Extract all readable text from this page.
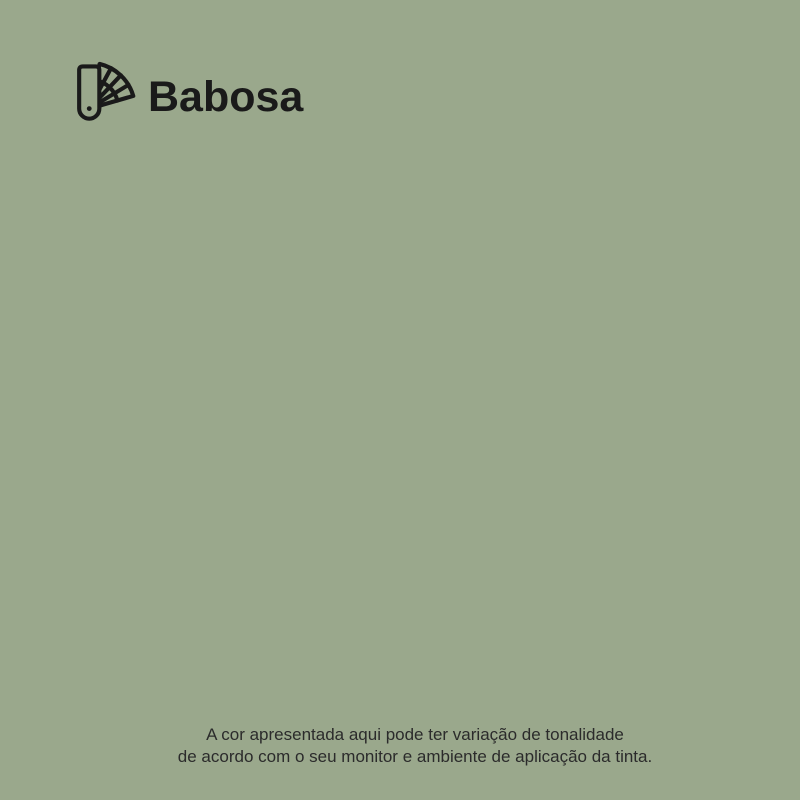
Babosa

A cor apresentada aqui pode ter variação de tonalidade

de acordo com o seu monitor e ambiente de aplicação da tinta.
